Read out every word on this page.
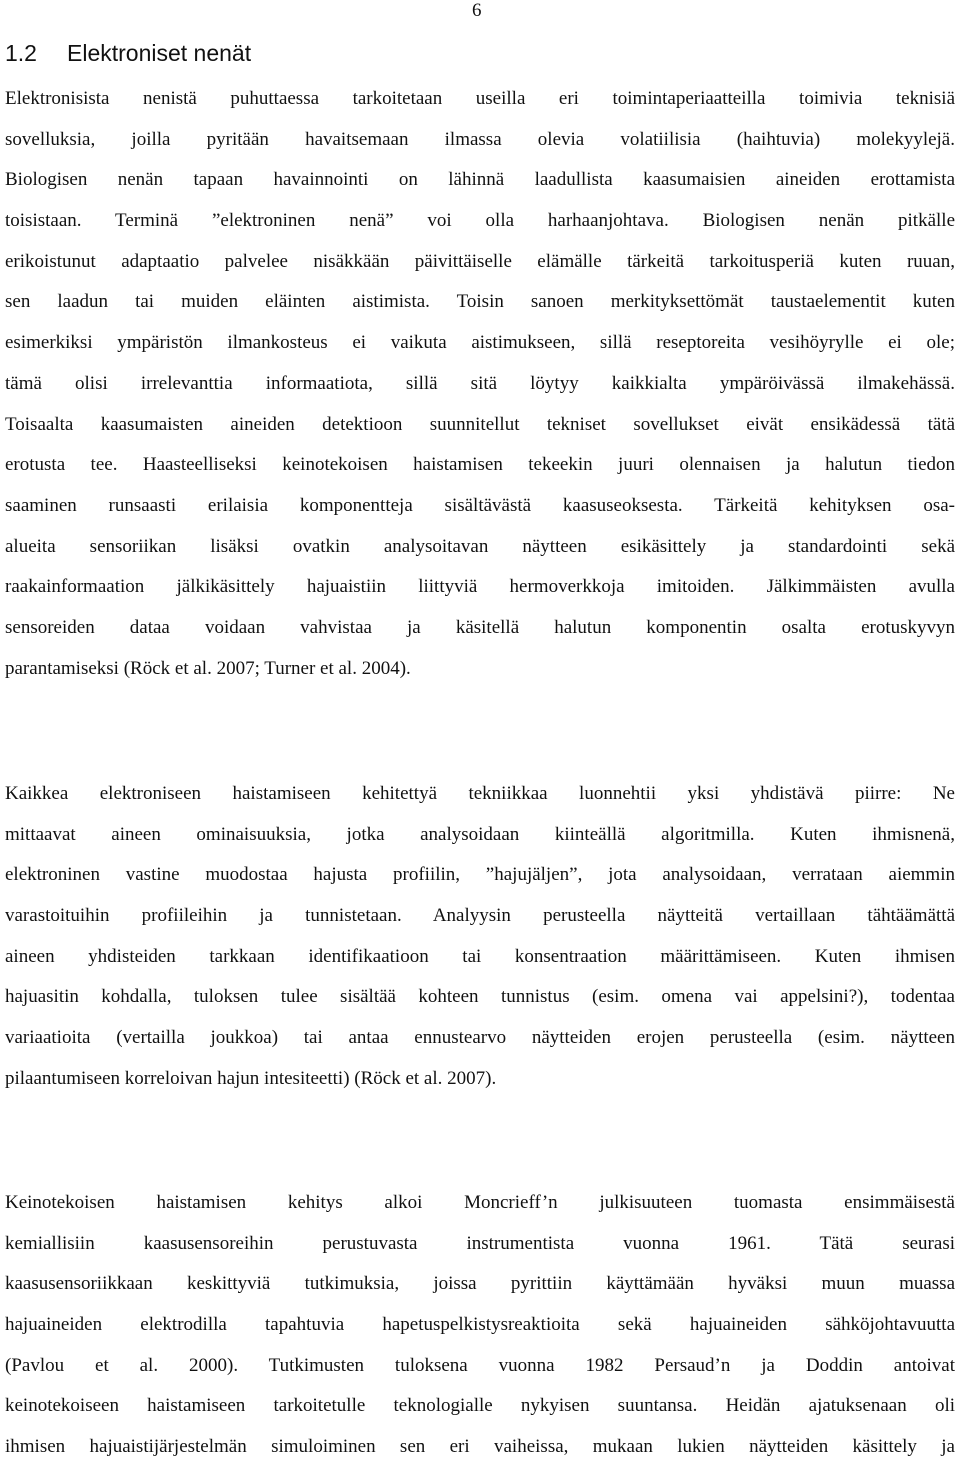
6
1.2 Elektroniset nenät
Elektronisista nenistä puhuttaessa tarkoitetaan useilla eri toimintaperiaatteilla toimivia teknisiä
sovelluksia, joilla pyritään havaitsemaan ilmassa olevia volatiilisia (haihtuvia) molekyylejä.
Biologisen nenän tapaan havainnointi on lähinnä laadullista kaasumaisien aineiden erottamista
toisistaan. Terminä ”elektroninen nenä” voi olla harhaanjohtava. Biologisen nenän pitkälle
erikoistunut adaptaatio palvelee nisäkkään päivittäiselle elämälle tärkeitä tarkoitusperiä kuten ruuan,
sen laadun tai muiden eläinten aistimista. Toisin sanoen merkityksettömät taustaelementit kuten
esimerkiksi ympäristön ilmankosteus ei vaikuta aistimukseen, sillä reseptoreita vesihöyrylle ei ole;
tämä olisi irrelevanttia informaatiota, sillä sitä löytyy kaikkialta ympäröivässä ilmakehässä.
Toisaalta kaasumaisten aineiden detektioon suunnitellut tekniset sovellukset eivät ensikädessä tätä
erotusta tee. Haasteelliseksi keinotekoisen haistamisen tekeekin juuri olennaisen ja halutun tiedon
saaminen runsaasti erilaisia komponentteja sisältävästä kaasuseoksesta. Tärkeitä kehityksen osa-
alueita sensoriikan lisäksi ovatkin analysoitavan näytteen esikäsittely ja standardointi sekä
raakainformaation jälkikäsittely hajuaistiin liittyviä hermoverkkoja imitoiden. Jälkimmäisten avulla
sensoreiden dataa voidaan vahvistaa ja käsitellä halutun komponentin osalta erotuskyvyn
parantamiseksi (Röck et al. 2007; Turner et al. 2004).
Kaikkea elektroniseen haistamiseen kehitettyä tekniikkaa luonnehtii yksi yhdistävä piirre: Ne
mittaavat aineen ominaisuuksia, jotka analysoidaan kiinteällä algoritmilla. Kuten ihmisnenä,
elektroninen vastine muodostaa hajusta profiilin, ”hajujäljen”, jota analysoidaan, verrataan aiemmin
varastoituihin profiileihin ja tunnistetaan. Analyysin perusteella näytteitä vertaillaan tähtäämättä
aineen yhdisteiden tarkkaan identifikaatioon tai konsentraation määrittämiseen. Kuten ihmisen
hajuasitin kohdalla, tuloksen tulee sisältää kohteen tunnistus (esim. omena vai appelsini?), todentaa
variaatioita (vertailla joukkoa) tai antaa ennustearvo näytteiden erojen perusteella (esim. näytteen
pilaantumiseen korreloivan hajun intesiteetti) (Röck et al. 2007).
Keinotekoisen haistamisen kehitys alkoi Moncrieff’n julkisuuteen tuomasta ensimmäisestä
kemiallisiin kaasusensoreihin perustuvasta instrumentista vuonna 1961. Tätä seurasi
kaasusensoriikkaan keskittyviä tutkimuksia, joissa pyrittiin käyttämään hyväksi muun muassa
hajuaineiden elektrodilla tapahtuvia hapetuspelkistysreaktioita sekä hajuaineiden sähköjohtavuutta
(Pavlou et al. 2000). Tutkimusten tuloksena vuonna 1982 Persaud’n ja Doddin antoivat
keinotekoiseen haistamiseen tarkoitetulle teknologialle nykyisen suuntansa. Heidän ajatuksenaan oli
ihmisen hajuaistijärjestelmän simuloiminen sen eri vaiheissa, mukaan lukien näytteiden käsittely ja
